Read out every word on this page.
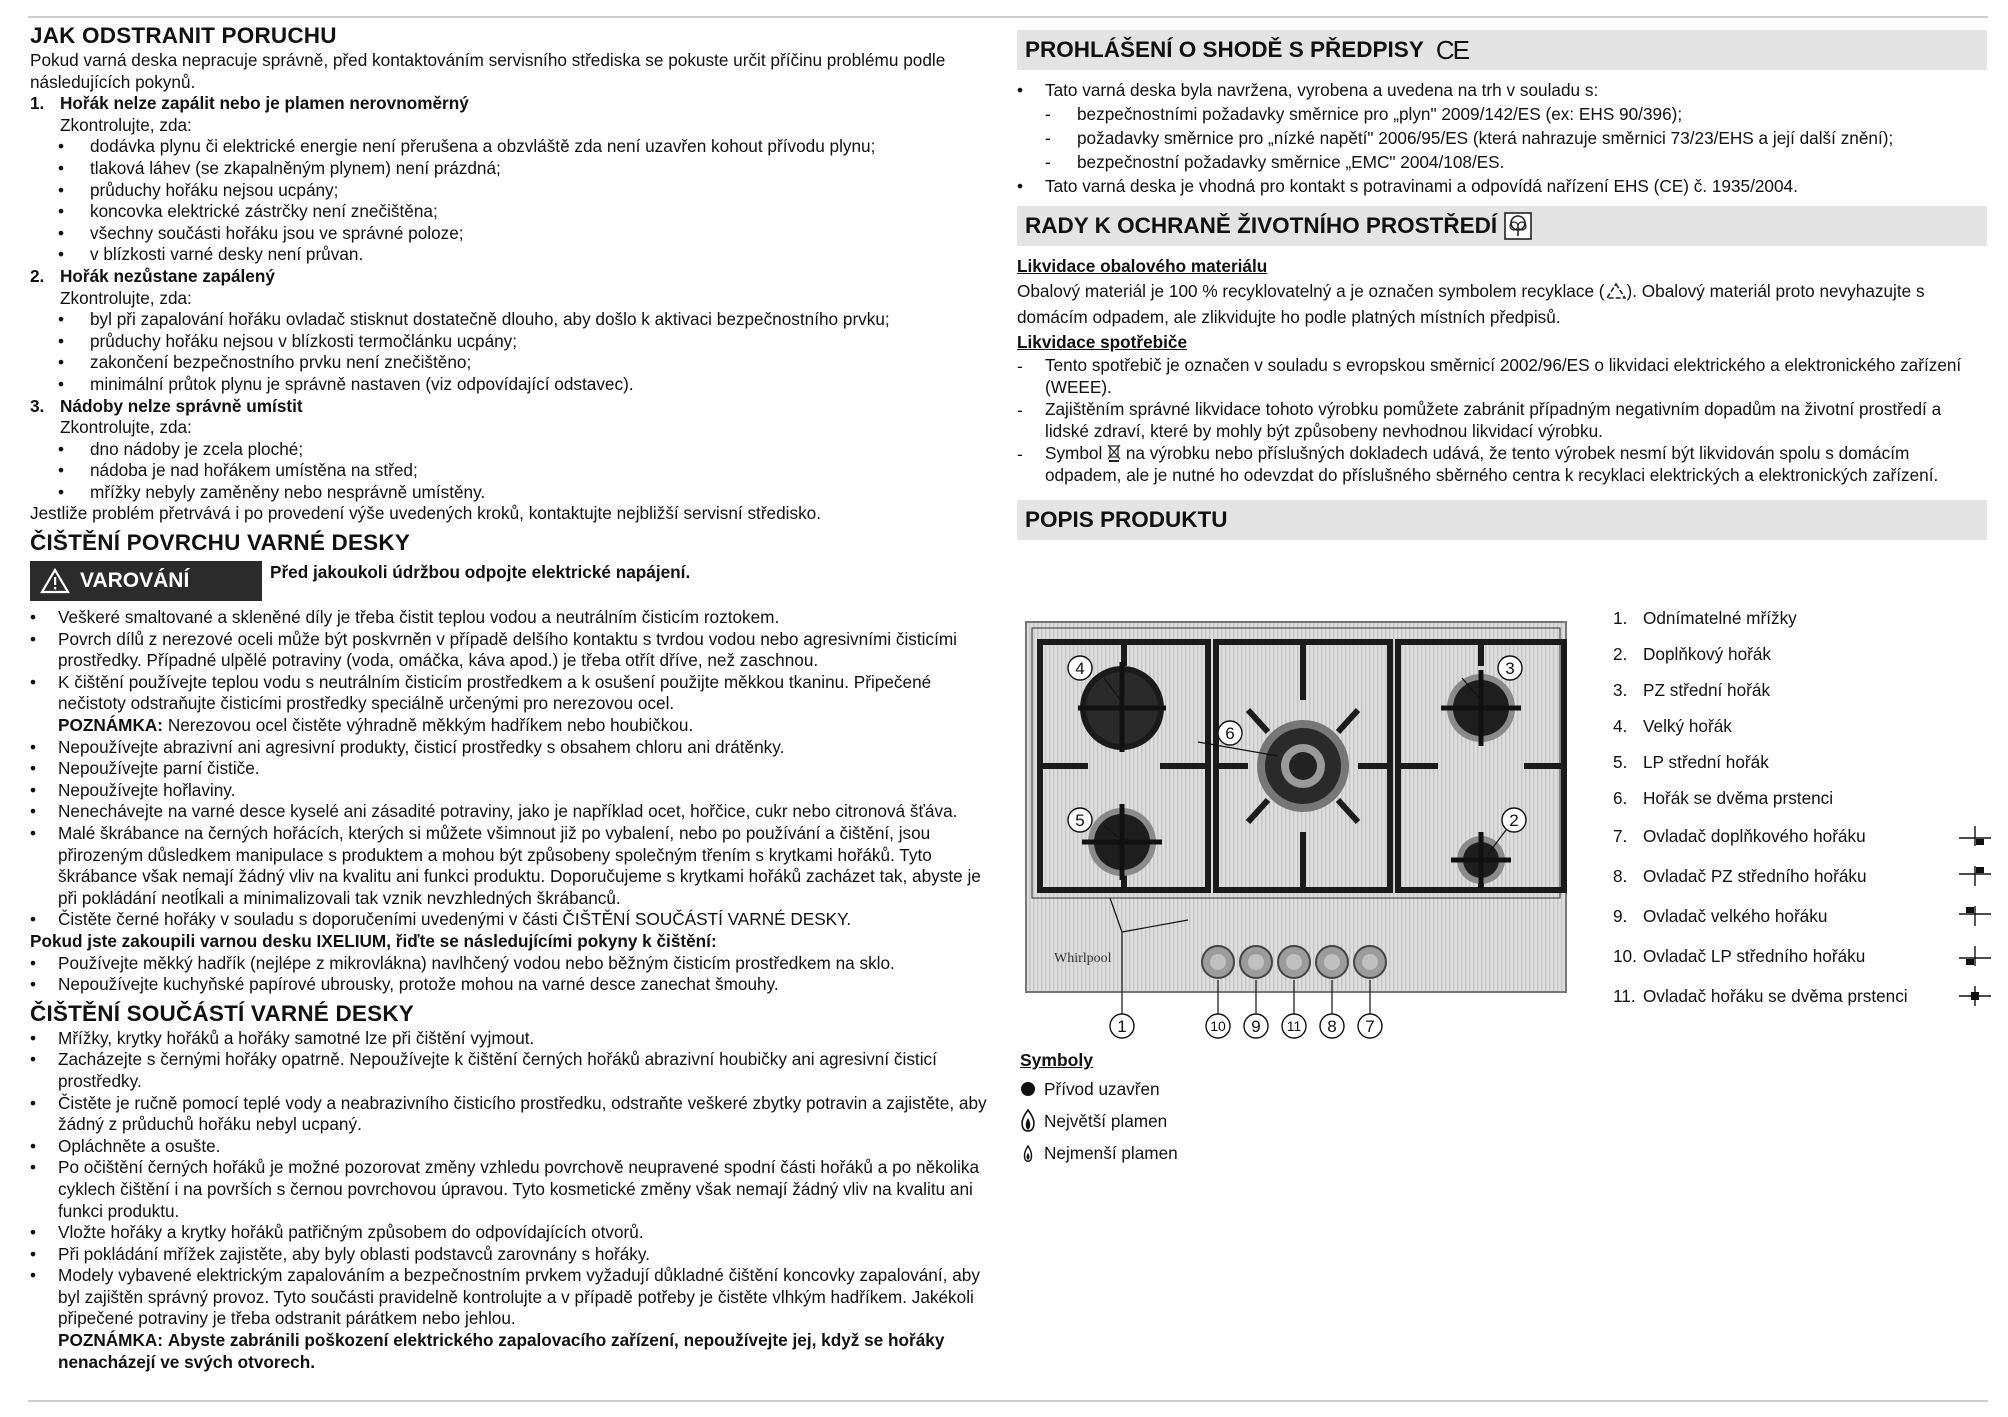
JAK ODSTRANIT PORUCHU

Pokud varná deska nepracuje správně, před kontaktováním servisního střediska se pokuste určit příčinu problému podle následujících pokynů.

1. Hořák nelze zapálit nebo je plamen nerovnoměrný
Zkontrolujte, zda:
•	dodávka plynu či elektrické energie není přerušena a obzvláště zda není uzavřen kohout přívodu plynu;
•	tlaková láhev (se zkapalněným plynem) není prázdná;
•	průduchy hořáku nejsou ucpány;
•	koncovka elektrické zástrčky není znečištěna;
•	všechny součásti hořáku jsou ve správné poloze;
•	v blízkosti varné desky není průvan.
2. Hořák nezůstane zapálený
Zkontrolujte, zda:
•	byl při zapalování hořáku ovladač stisknut dostatečně dlouho, aby došlo k aktivaci bezpečnostního prvku;
•	průduchy hořáku nejsou v blízkosti termočlánku ucpány;
•	zakončení bezpečnostního prvku není znečištěno;
•	minimální průtok plynu je správně nastaven (viz odpovídající odstavec).
3. Nádoby nelze správně umístit
Zkontrolujte, zda:
•	dno nádoby je zcela ploché;
•	nádoba je nad hořákem umístěna na střed;
•	mřížky nebyly zaměněny nebo nesprávně umístěny.

Jestliže problém přetrvává i po provedení výše uvedených kroků, kontaktujte nejbližší servisní středisko.

ČIŠTĚNÍ POVRCHU VARNÉ DESKY
VAROVÁNÍ	Před jakoukoli údržbou odpojte elektrické napájení.
•	Veškeré smaltované a skleněné díly je třeba čistit teplou vodou a neutrálním čisticím roztokem.
•	Povrch dílů z nerezové oceli může být poskvrněn v případě delšího kontaktu s tvrdou vodou nebo agresivními čisticími prostředky. Případné ulpělé potraviny (voda, omáčka, káva apod.) je třeba otřít dříve, než zaschnou.
•	K čištění používejte teplou vodu s neutrálním čisticím prostředkem a k osušení použijte měkkou tkaninu. Připečené nečistoty odstraňujte čisticími prostředky speciálně určenými pro nerezovou ocel.
POZNÁMKA: Nerezovou ocel čistěte výhradně měkkým hadříkem nebo houbičkou.
•	Nepoužívejte abrazivní ani agresivní produkty, čisticí prostředky s obsahem chloru ani drátěnky.
•	Nepoužívejte parní čističe.
•	Nepoužívejte hořlaviny.
•	Nenechávejte na varné desce kyselé ani zásadité potraviny, jako je například ocet, hořčice, cukr nebo citronová šťáva.
•	Malé škrábance na černých hořácích, kterých si můžete všimnout již po vybalení, nebo po používání a čištění, jsou přirozeným důsledkem manipulace s produktem a mohou být způsobeny společným třením s krytkami hořáků. Tyto škrábance však nemají žádný vliv na kvalitu ani funkci produktu. Doporučujeme s krytkami hořáků zacházet tak, abyste je při pokládání neotĺkali a minimalizovali tak vznik nevzhledných škrábanců.
•	Čistěte černé hořáky v souladu s doporučeními uvedenými v části ČIŠTĚNÍ SOUČÁSTÍ VARNÉ DESKY.
Pokud jste zakoupili varnou desku IXELIUM, řiďte se následujícími pokyny k čištění:
•	Používejte měkký hadřík (nejlépe z mikrovlákna) navlhčený vodou nebo běžným čisticím prostředkem na sklo.
•	Nepoužívejte kuchyňské papírové ubrousky, protože mohou na varné desce zanechat šmouhy.
ČIŠTĚNÍ SOUČÁSTÍ VARNÉ DESKY
•	Mřížky, krytky hořáků a hořáky samotné lze při čištění vyjmout.
•	Zacházejte s černými hořáky opatrně. Nepoužívejte k čištění černých hořáků abrazivní houbičky ani agresivní čisticí prostředky.
•	Čistěte je ručně pomocí teplé vody a neabrazivního čisticího prostředku, odstraňte veškeré zbytky potravin a zajistěte, aby žádný z průduchů hořáku nebyl ucpaný.
•	Opláchněte a osušte.
•	Po očištění černých hořáků je možné pozorovat změny vzhledu povrchově neupravené spodní části hořáků a po několika cyklech čištění i na površích s černou povrchovou úpravou. Tyto kosmetické změny však nemají žádný vliv na kvalitu ani funkci produktu.
•	Vložte hořáky a krytky hořáků patřičným způsobem do odpovídajících otvorů.
•	Při pokládání mřížek zajistěte, aby byly oblasti podstavců zarovnány s hořáky.
•	Modely vybavené elektrickým zapalováním a bezpečnostním prvkem vyžadují důkladné čištění koncovky zapalování, aby byl zajištěn správný provoz. Tyto součásti pravidelně kontrolujte a v případě potřeby je čistěte vlhkým hadříkem. Jakékoli připečené potraviny je třeba odstranit párátkem nebo jehlou.
POZNÁMKA: Abyste zabránili poškození elektrického zapalovacího zařízení, nepoužívejte jej, když se hořáky nenacházejí ve svých otvorech.
PROHLÁŠENÍ O SHODĚ S PŘEDPISY CE
•	Tato varná deska byla navržena, vyrobena a uvedena na trh v souladu s:
-	bezpečnostními požadavky směrnice pro „plyn" 2009/142/ES (ex: EHS 90/396);
-	požadavky směrnice pro „nízké napětí" 2006/95/ES (která nahrazuje směrnici 73/23/EHS a její další znění);
-	bezpečnostní požadavky směrnice „EMC" 2004/108/ES.
•	Tato varná deska je vhodná pro kontakt s potravinami a odpovídá nařízení EHS (CE) č. 1935/2004.
RADY K OCHRANĚ ŽIVOTNÍHO PROSTŘEDÍ
Likvidace obalového materiálu
Obalový materiál je 100 % recyklovatelný a je označen symbolem recyklace ( ). Obalový materiál proto nevyhazujte s domácím odpadem, ale zlikvidujte ho podle platných místních předpisů.
Likvidace spotřebiče
-	Tento spotřebič je označen v souladu s evropskou směrnicí 2002/96/ES o likvidaci elektrického a elektronického zařízení (WEEE).
-	Zajištěním správné likvidace tohoto výrobku pomůžete zabránit případným negativním dopadům na životní prostředí a lidské zdraví, které by mohly být způsobeny nevhodnou likvidací výrobku.
-	Symbol na výrobku nebo příslušných dokladech udává, že tento výrobek nesmí být likvidován spolu s domácím odpadem, ale je nutné ho odevzdat do příslušného sběrného centra k recyklaci elektrických a elektronických zařízení.
POPIS PRODUKTU
Whirlpool
1
2
3
4
5
6
7
8
9
10	11
1. Odnímatelné mřížky
2. Doplňkový hořák
3. PZ střední hořák
4. Velký hořák
5. LP střední hořák
6. Hořák se dvěma prstenci
7. Ovladač doplňkového hořáku
8. Ovladač PZ středního hořáku
9. Ovladač velkého hořáku
10. Ovladač LP středního hořáku
11. Ovladač hořáku se dvěma prstenci
Symboly
Přívod uzavřen
Největší plamen
Nejmenší plamen
